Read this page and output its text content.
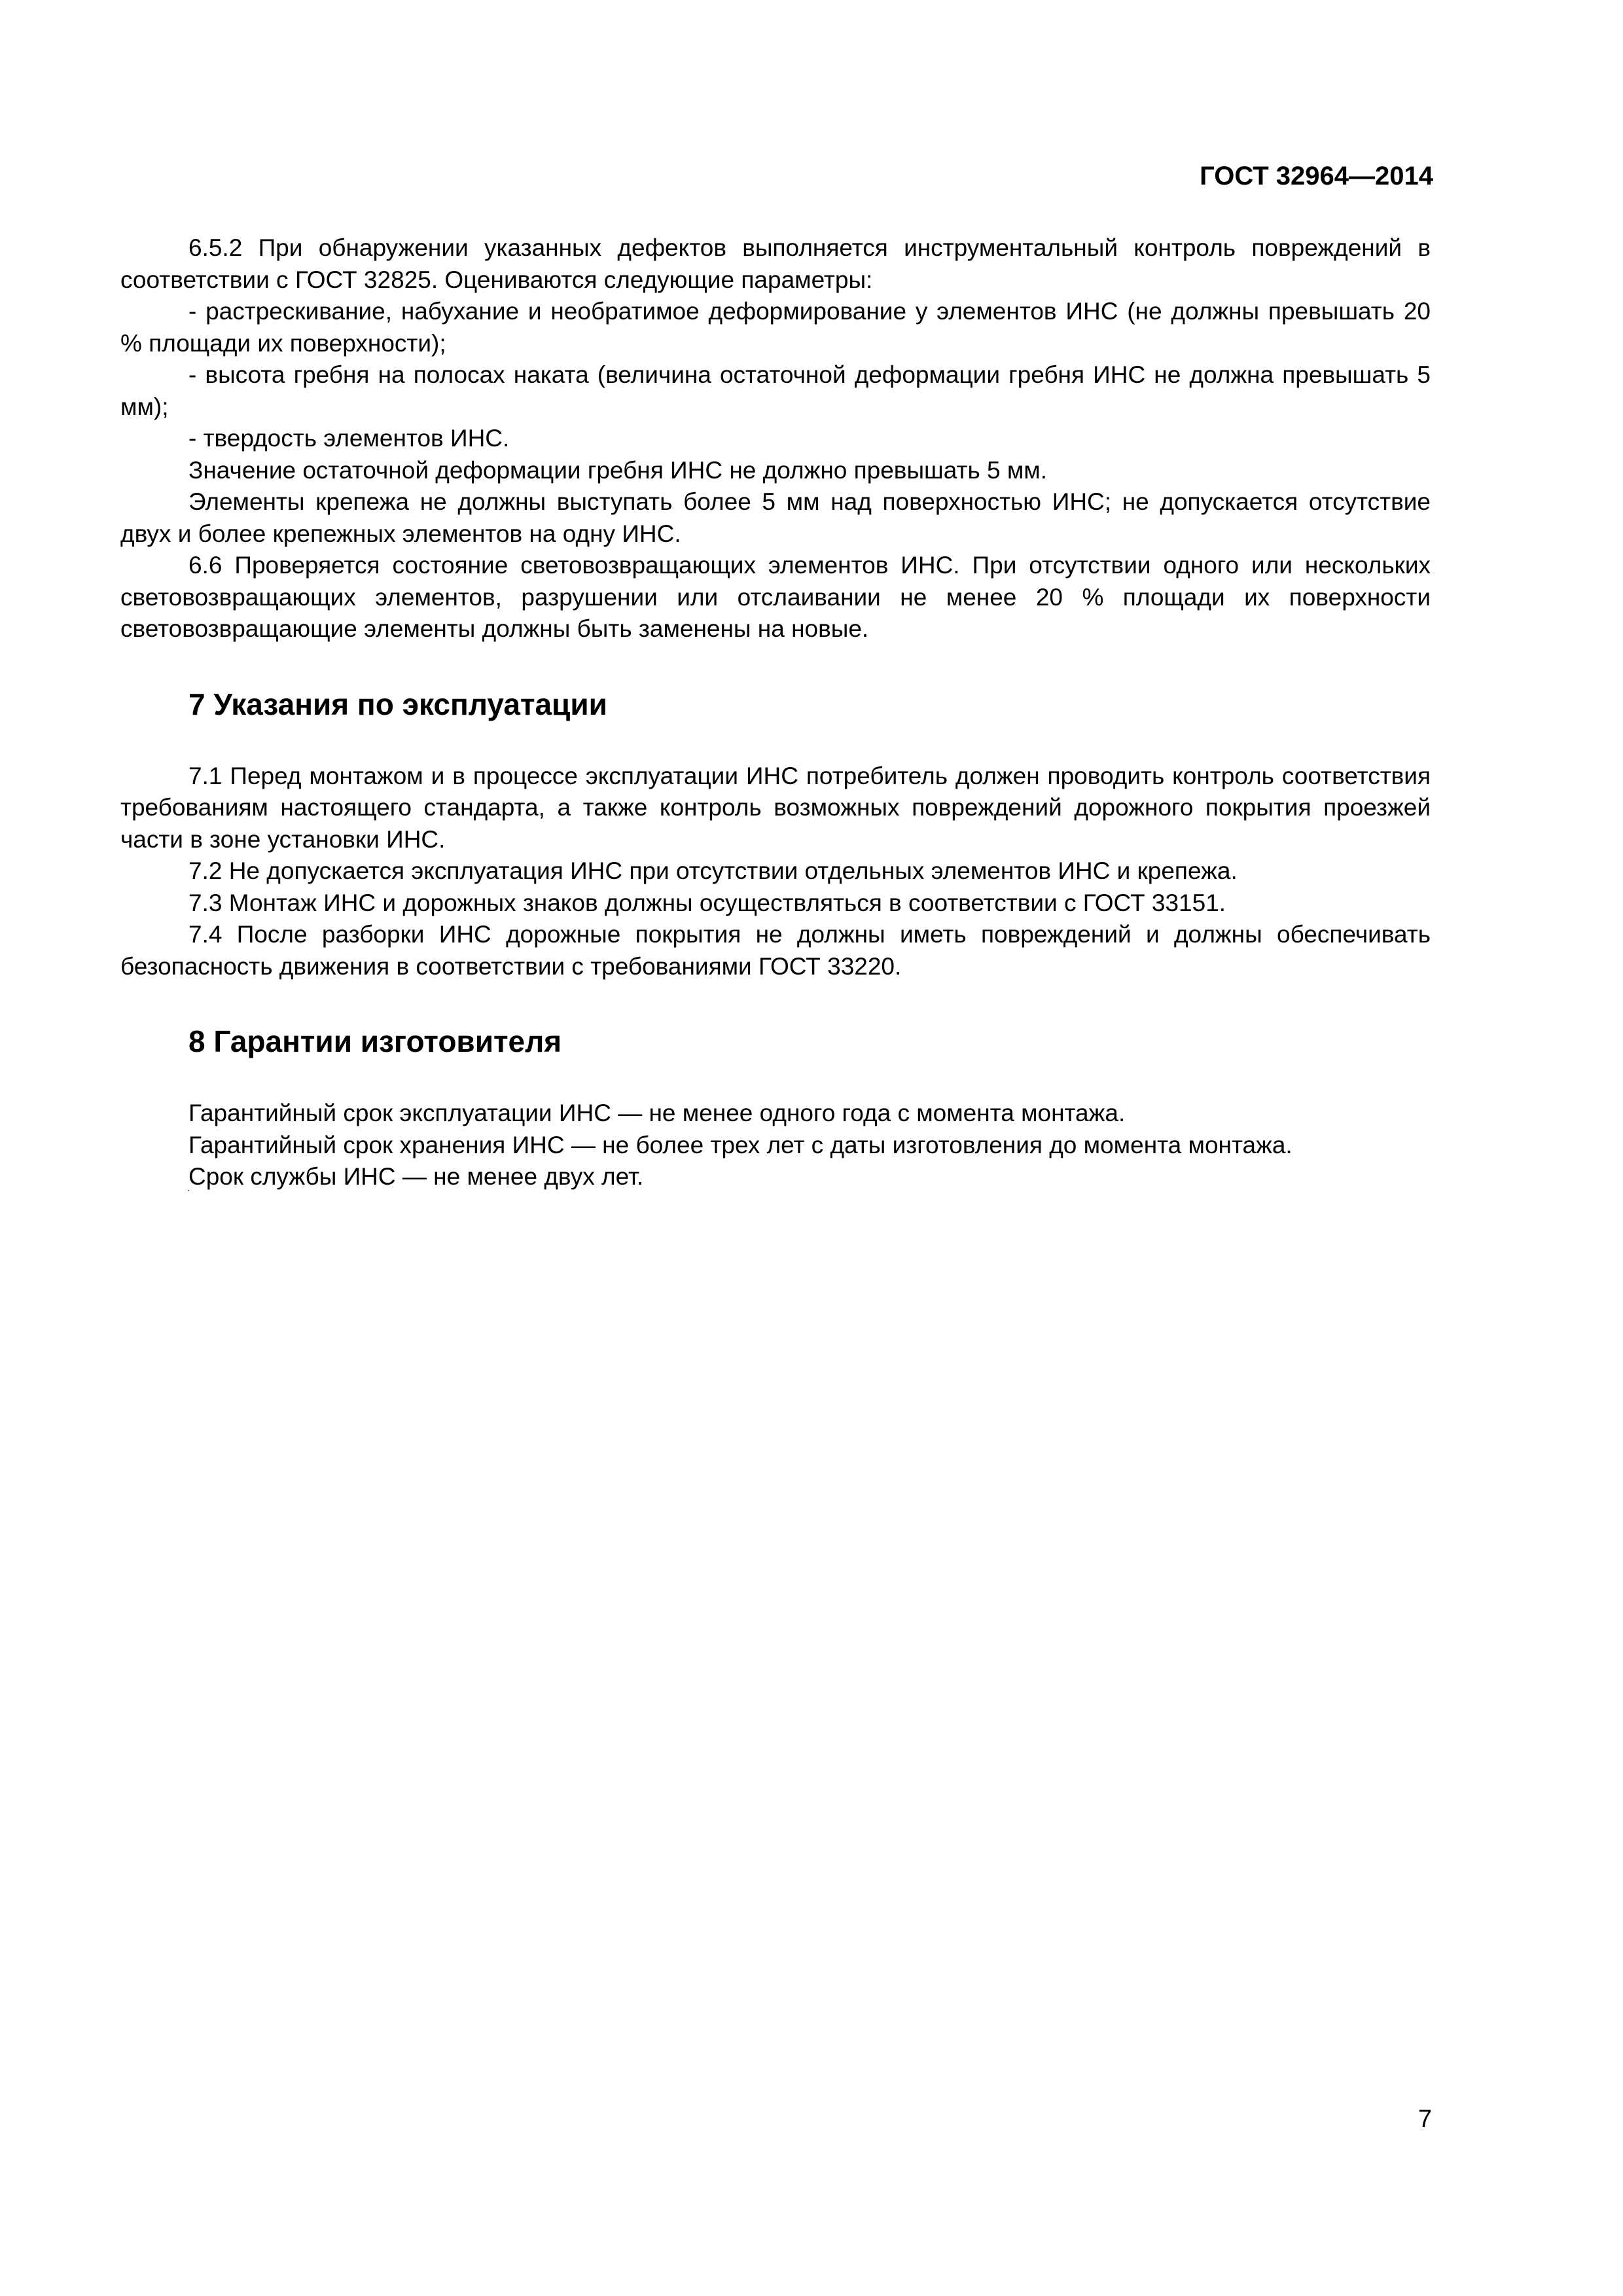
ГОСТ 32964—2014

6.5.2 При обнаружении указанных дефектов выполняется инструментальный контроль повреждений в соответствии с ГОСТ 32825. Оцениваются следующие параметры:

- растрескивание, набухание и необратимое деформирование у элементов ИНС (не должны превышать 20 % площади их поверхности);

- высота гребня на полосах наката (величина остаточной деформации гребня ИНС не должна превышать 5 мм);

- твердость элементов ИНС.

Значение остаточной деформации гребня ИНС не должно превышать 5 мм.

Элементы крепежа не должны выступать более 5 мм над поверхностью ИНС; не допускается отсутствие двух и более крепежных элементов на одну ИНС.

6.6 Проверяется состояние световозвращающих элементов ИНС. При отсутствии одного или нескольких световозвращающих элементов, разрушении или отслаивании не менее 20 % площади их поверхности световозвращающие элементы должны быть заменены на новые.

7 Указания по эксплуатации

7.1 Перед монтажом и в процессе эксплуатации ИНС потребитель должен проводить контроль соответствия требованиям настоящего стандарта, а также контроль возможных повреждений дорожного покрытия проезжей части в зоне установки ИНС.

7.2 Не допускается эксплуатация ИНС при отсутствии отдельных элементов ИНС и крепежа.

7.3 Монтаж ИНС и дорожных знаков должны осуществляться в соответствии с ГОСТ 33151.

7.4 После разборки ИНС дорожные покрытия не должны иметь повреждений и должны обеспечивать безопасность движения в соответствии с требованиями ГОСТ 33220.

8 Гарантии изготовителя

Гарантийный срок эксплуатации ИНС — не менее одного года с момента монтажа.

Гарантийный срок хранения ИНС — не более трех лет с даты изготовления до момента монтажа.

Срок службы ИНС — не менее двух лет.

7
